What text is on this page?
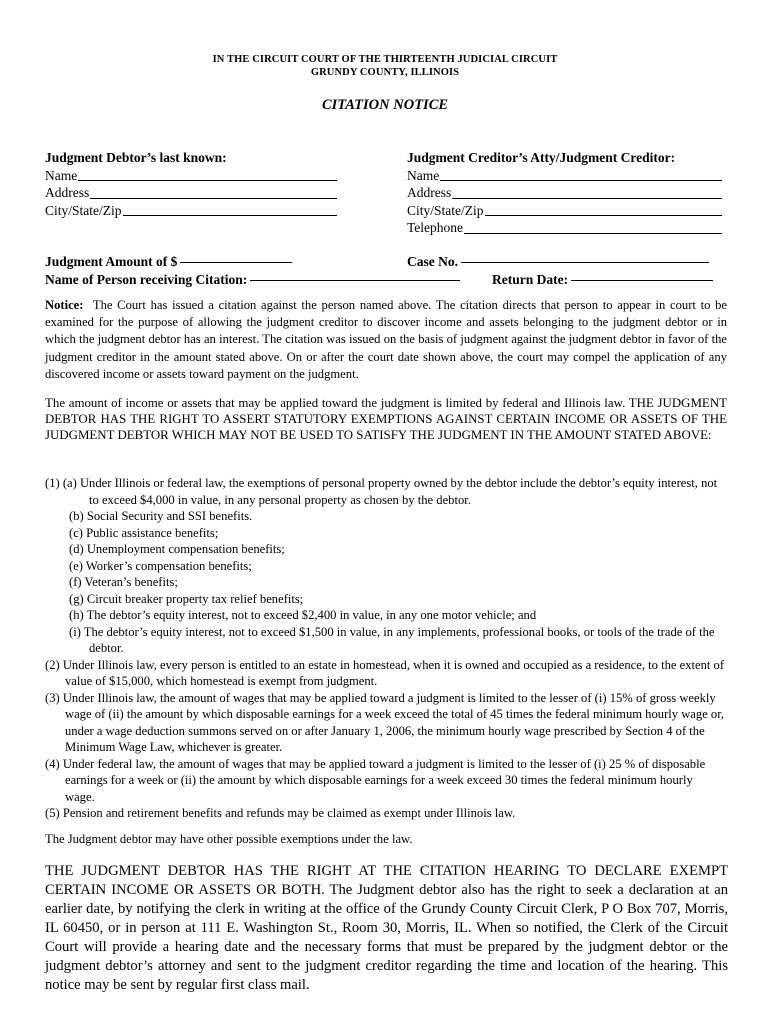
IN THE CIRCUIT COURT OF THE THIRTEENTH JUDICIAL CIRCUIT
GRUNDY COUNTY, ILLINOIS
CITATION NOTICE
Judgment Debtor’s last known:
Name
Address
City/State/Zip
Judgment Creditor’s Atty/Judgment Creditor:
Name
Address
City/State/Zip
Telephone
Judgment Amount of $	Case No.
Name of Person receiving Citation:	Return Date:
Notice: The Court has issued a citation against the person named above. The citation directs that person to appear in court to be examined for the purpose of allowing the judgment creditor to discover income and assets belonging to the judgment debtor or in which the judgment debtor has an interest. The citation was issued on the basis of judgment against the judgment debtor in favor of the judgment creditor in the amount stated above. On or after the court date shown above, the court may compel the application of any discovered income or assets toward payment on the judgment.
The amount of income or assets that may be applied toward the judgment is limited by federal and Illinois law. THE JUDGMENT DEBTOR HAS THE RIGHT TO ASSERT STATUTORY EXEMPTIONS AGAINST CERTAIN INCOME OR ASSETS OF THE JUDGMENT DEBTOR WHICH MAY NOT BE USED TO SATISFY THE JUDGMENT IN THE AMOUNT STATED ABOVE:
(1) (a) Under Illinois or federal law, the exemptions of personal property owned by the debtor include the debtor’s equity interest, not to exceed $4,000 in value, in any personal property as chosen by the debtor.
(b) Social Security and SSI benefits.
(c) Public assistance benefits;
(d) Unemployment compensation benefits;
(e) Worker’s compensation benefits;
(f) Veteran’s benefits;
(g) Circuit breaker property tax relief benefits;
(h) The debtor’s equity interest, not to exceed $2,400 in value, in any one motor vehicle; and
(i) The debtor’s equity interest, not to exceed $1,500 in value, in any implements, professional books, or tools of the trade of the debtor.
(2) Under Illinois law, every person is entitled to an estate in homestead, when it is owned and occupied as a residence, to the extent of value of $15,000, which homestead is exempt from judgment.
(3) Under Illinois law, the amount of wages that may be applied toward a judgment is limited to the lesser of (i) 15% of gross weekly wage of (ii) the amount by which disposable earnings for a week exceed the total of 45 times the federal minimum hourly wage or, under a wage deduction summons served on or after January 1, 2006, the minimum hourly wage prescribed by Section 4 of the Minimum Wage Law, whichever is greater.
(4) Under federal law, the amount of wages that may be applied toward a judgment is limited to the lesser of (i) 25 % of disposable earnings for a week or (ii) the amount by which disposable earnings for a week exceed 30 times the federal minimum hourly wage.
(5) Pension and retirement benefits and refunds may be claimed as exempt under Illinois law.
The Judgment debtor may have other possible exemptions under the law.
THE JUDGMENT DEBTOR HAS THE RIGHT AT THE CITATION HEARING TO DECLARE EXEMPT CERTAIN INCOME OR ASSETS OR BOTH. The Judgment debtor also has the right to seek a declaration at an earlier date, by notifying the clerk in writing at the office of the Grundy County Circuit Clerk, P O Box 707, Morris, IL 60450, or in person at 111 E. Washington St., Room 30, Morris, IL. When so notified, the Clerk of the Circuit Court will provide a hearing date and the necessary forms that must be prepared by the judgment debtor or the judgment debtor’s attorney and sent to the judgment creditor regarding the time and location of the hearing. This notice may be sent by regular first class mail.
